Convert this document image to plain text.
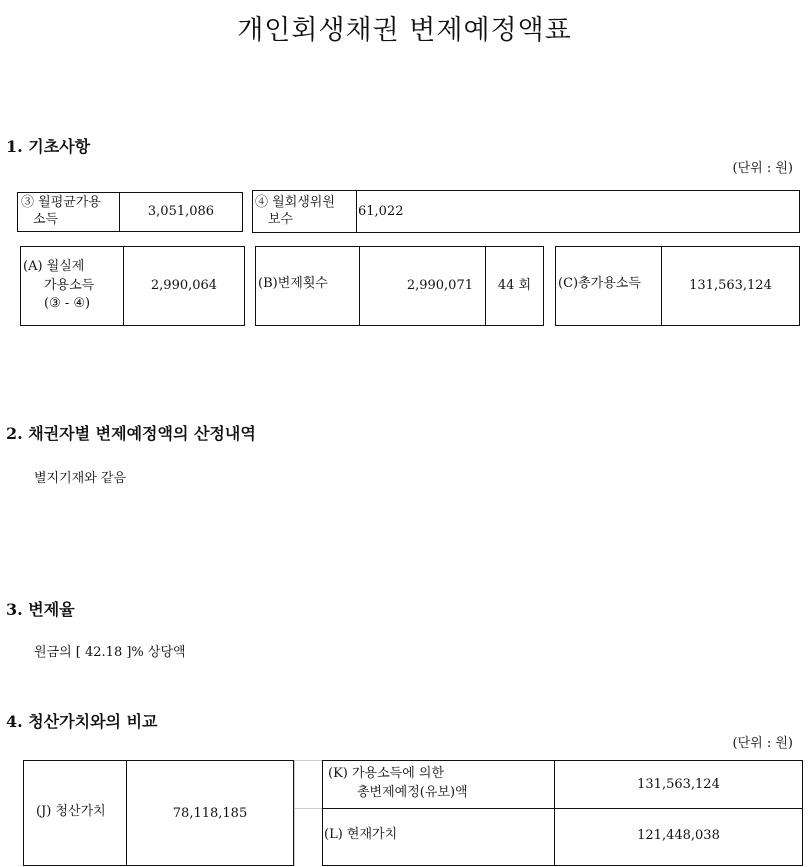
개인회생채권 변제예정액표
1. 기초사항
(단위 : 원)
③ 월평균가용
소득
3,051,086
④ 월회생위원
보수
61,022
(A) 월실제
가용소득
(③ - ④)
2,990,064	(B)변제횟수	2,990,071	44 회	(C)총가용소득	131,563,124
2. 채권자별 변제예정액의 산정내역
별지기재와 같음
3. 변제율
원금의 [ 42.18 ]% 상당액
4. 청산가치와의 비교
(단위 : 원)
(J) 청산가치	78,118,185
(K) 가용소득에 의한
총변제예정(유보)액
131,563,124
(L) 현재가치	121,448,038
